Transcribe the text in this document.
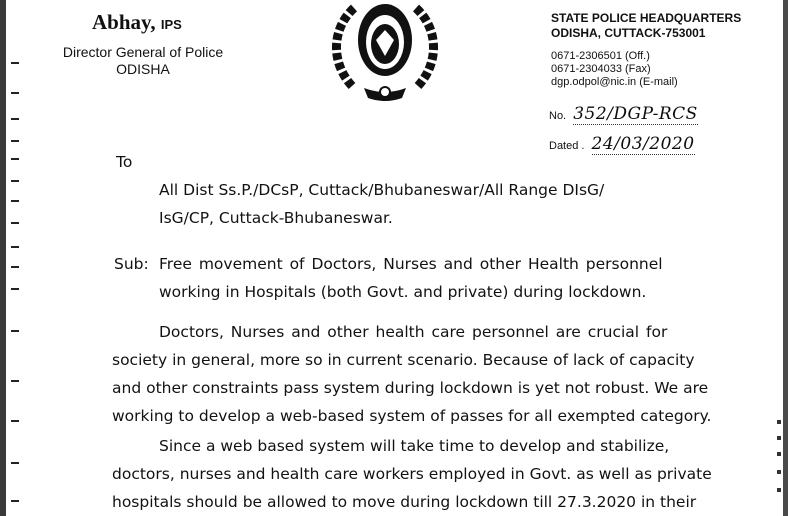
Abhay, IPS
Director General of Police
ODISHA
STATE POLICE HEADQUARTERS
ODISHA, CUTTACK-753001
0671-2306501 (Off.)
0671-2304033 (Fax)
dgp.odpol@nic.in (E-mail)
No. 352/DGP-RCS
Dated . 24/03/2020
To
All Dist Ss.P./DCsP, Cuttack/Bhubaneswar/All Range DIsG/
IsG/CP, Cuttack-Bhubaneswar.
Sub: Free movement of Doctors, Nurses and other Health personnel
working in Hospitals (both Govt. and private) during lockdown.
Doctors, Nurses and other health care personnel are crucial for
society in general, more so in current scenario. Because of lack of capacity
and other constraints pass system during lockdown is yet not robust. We are
working to develop a web-based system of passes for all exempted category.
Since a web based system will take time to develop and stabilize,
doctors, nurses and health care workers employed in Govt. as well as private
hospitals should be allowed to move during lockdown till 27.3.2020 in their
